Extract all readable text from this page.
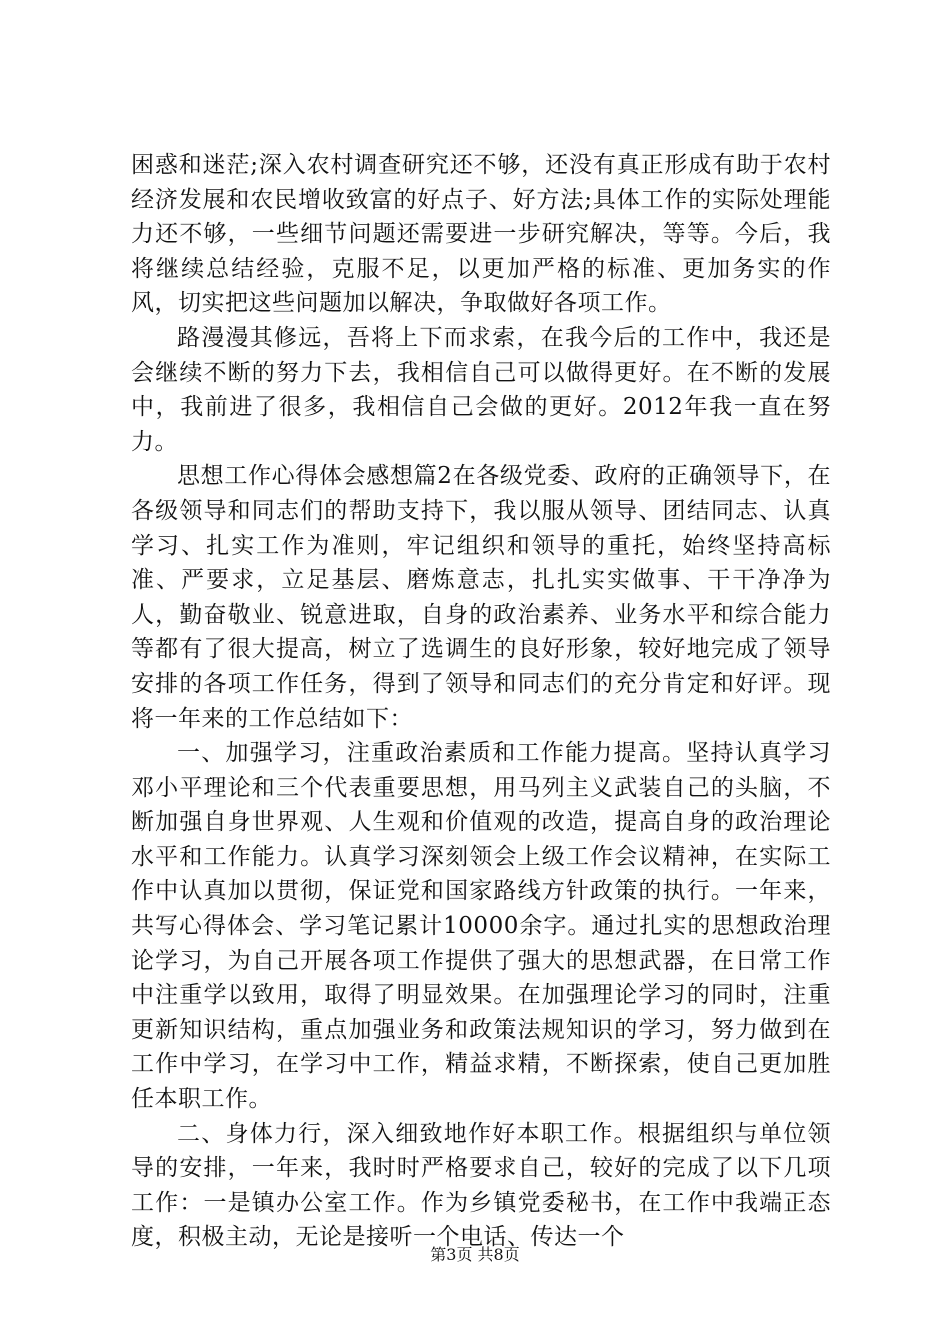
困惑和迷茫;深入农村调查研究还不够，还没有真正形成有助于农村经济发展和农民增收致富的好点子、好方法;具体工作的实际处理能力还不够，一些细节问题还需要进一步研究解决，等等。今后，我将继续总结经验，克服不足，以更加严格的标准、更加务实的作风，切实把这些问题加以解决，争取做好各项工作。

路漫漫其修远，吾将上下而求索，在我今后的工作中，我还是会继续不断的努力下去，我相信自己可以做得更好。在不断的发展中，我前进了很多，我相信自己会做的更好。2012年我一直在努力。

思想工作心得体会感想篇2在各级党委、政府的正确领导下，在各级领导和同志们的帮助支持下，我以服从领导、团结同志、认真学习、扎实工作为准则，牢记组织和领导的重托，始终坚持高标准、严要求，立足基层、磨炼意志，扎扎实实做事、干干净净为人，勤奋敬业、锐意进取，自身的政治素养、业务水平和综合能力等都有了很大提高，树立了选调生的良好形象，较好地完成了领导安排的各项工作任务，得到了领导和同志们的充分肯定和好评。现将一年来的工作总结如下：

一、加强学习，注重政治素质和工作能力提高。坚持认真学习邓小平理论和三个代表重要思想，用马列主义武装自己的头脑，不断加强自身世界观、人生观和价值观的改造，提高自身的政治理论水平和工作能力。认真学习深刻领会上级工作会议精神，在实际工作中认真加以贯彻，保证党和国家路线方针政策的执行。一年来，共写心得体会、学习笔记累计10000余字。通过扎实的思想政治理论学习，为自己开展各项工作提供了强大的思想武器，在日常工作中注重学以致用，取得了明显效果。在加强理论学习的同时，注重更新知识结构，重点加强业务和政策法规知识的学习，努力做到在工作中学习，在学习中工作，精益求精，不断探索，使自己更加胜任本职工作。

二、身体力行，深入细致地作好本职工作。根据组织与单位领导的安排，一年来，我时时严格要求自己，较好的完成了以下几项工作：一是镇办公室工作。作为乡镇党委秘书，在工作中我端正态度，积极主动，无论是接听一个电话、传达一个

第3页 共8页
